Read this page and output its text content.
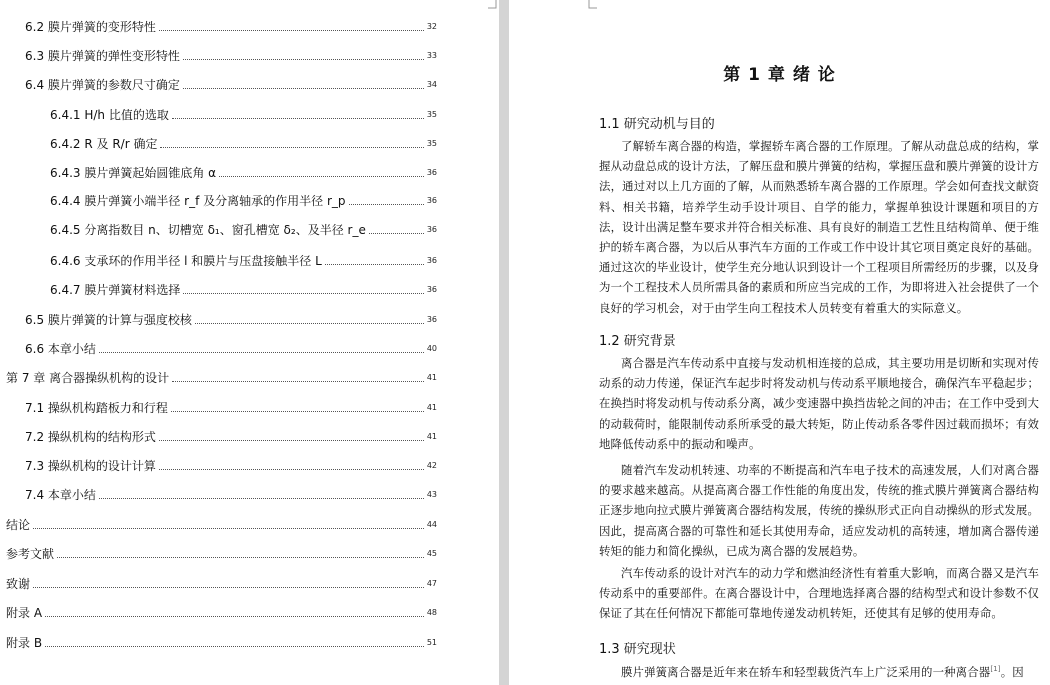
6.2 膜片弹簧的变形特性	32
6.3 膜片弹簧的弹性变形特性	33
6.4 膜片弹簧的参数尺寸确定	34
6.4.1 H/h 比值的选取	35
6.4.2 R 及 R/r 确定	35
6.4.3 膜片弹簧起始圆锥底角 α	36
6.4.4 膜片弹簧小端半径 r_f 及分离轴承的作用半径 r_p	36
6.4.5 分离指数目 n、切槽宽 δ₁、窗孔槽宽 δ₂、及半径 r_e	36
6.4.6 支承环的作用半径 l 和膜片与压盘接触半径 L	36
6.4.7 膜片弹簧材料选择	36
6.5 膜片弹簧的计算与强度校核	36
6.6 本章小结	40
第 7 章 离合器操纵机构的设计	41
7.1 操纵机构踏板力和行程	41
7.2 操纵机构的结构形式	41
7.3 操纵机构的设计计算	42
7.4 本章小结	43
结论	44
参考文献	45
致谢	47
附录 A	48
附录 B	51
第 1 章 绪 论
1.1 研究动机与目的

了解轿车离合器的构造，掌握轿车离合器的工作原理。了解从动盘总成的结构，掌握从动盘总成的设计方法，了解压盘和膜片弹簧的结构，掌握压盘和膜片弹簧的设计方法，通过对以上几方面的了解，从而熟悉轿车离合器的工作原理。学会如何查找文献资料、相关书籍，培养学生动手设计项目、自学的能力，掌握单独设计课题和项目的方法，设计出满足整车要求并符合相关标准、具有良好的制造工艺性且结构简单、便于维护的轿车离合器，为以后从事汽车方面的工作或工作中设计其它项目奠定良好的基础。通过这次的毕业设计，使学生充分地认识到设计一个工程项目所需经历的步骤，以及身为一个工程技术人员所需具备的素质和所应当完成的工作，为即将进入社会提供了一个良好的学习机会，对于由学生向工程技术人员转变有着重大的实际意义。

1.2 研究背景

离合器是汽车传动系中直接与发动机相连接的总成，其主要功用是切断和实现对传动系的动力传递，保证汽车起步时将发动机与传动系平顺地接合，确保汽车平稳起步；在换挡时将发动机与传动系分离，减少变速器中换挡齿轮之间的冲击；在工作中受到大的动载荷时，能限制传动系所承受的最大转矩，防止传动系各零件因过载而损坏；有效地降低传动系中的振动和噪声。

随着汽车发动机转速、功率的不断提高和汽车电子技术的高速发展，人们对离合器的要求越来越高。从提高离合器工作性能的角度出发，传统的推式膜片弹簧离合器结构正逐步地向拉式膜片弹簧离合器结构发展，传统的操纵形式正向自动操纵的形式发展。因此，提高离合器的可靠性和延长其使用寿命，适应发动机的高转速，增加离合器传递转矩的能力和简化操纵，已成为离合器的发展趋势。

汽车传动系的设计对汽车的动力学和燃油经济性有着重大影响，而离合器又是汽车传动系中的重要部件。在离合器设计中，合理地选择离合器的结构型式和设计参数不仅保证了其在任何情况下都能可靠地传递发动机转矩，还使其有足够的使用寿命。

1.3 研究现状

膜片弹簧离合器是近年来在轿车和轻型载货汽车上广泛采用的一种离合器[1]。因
